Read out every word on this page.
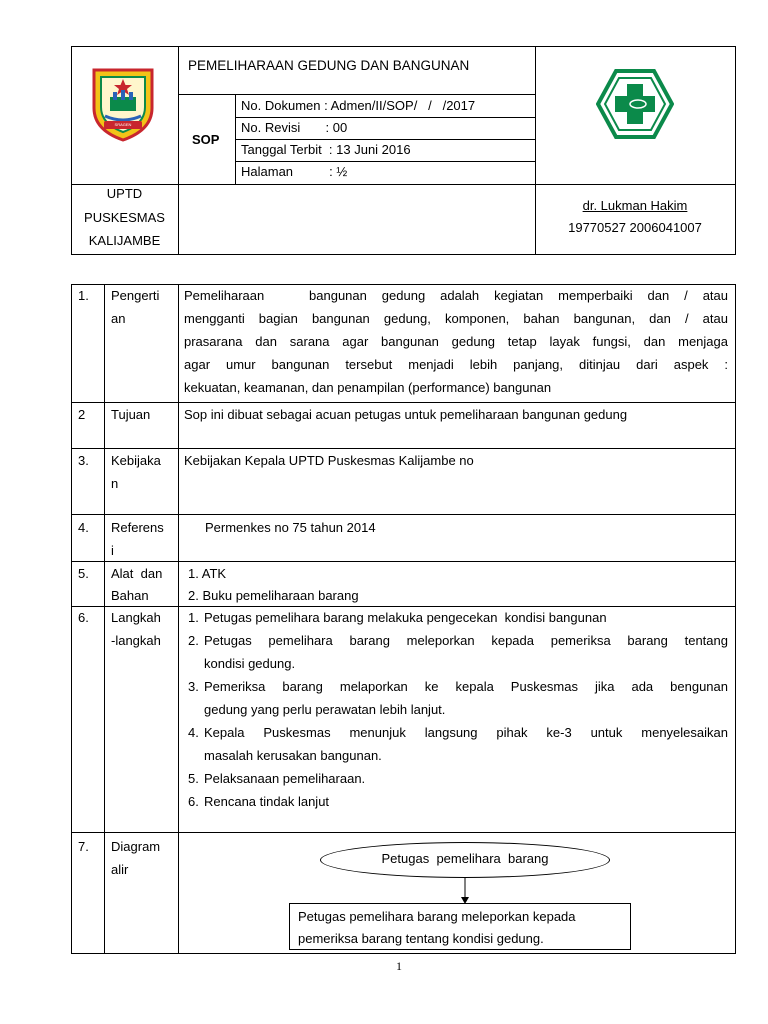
SRAGEN
PEMELIHARAAN GEDUNG DAN BANGUNAN
SOP
No. Dokumen : Admen/II/SOP/   /   /2017
No. Revisi       : 00
Tanggal Terbit  : 13 Juni 2016
Halaman          : ½
UPTD
PUSKESMAS
KALIJAMBE
dr. Lukman Hakim
19770527 2006041007
1. Pengerti
an
Pemeliharaan   bangunan gedung adalah kegiatan memperbaiki dan / atau
mengganti bagian bangunan gedung, komponen, bahan bangunan, dan / atau
prasarana dan sarana agar bangunan gedung tetap layak fungsi, dan menjaga
agar umur bangunan tersebut menjadi lebih panjang, ditinjau dari aspek :
kekuatan, keamanan, dan penampilan (performance) bangunan
2 Tujuan	Sop ini dibuat sebagai acuan petugas untuk pemeliharaan bangunan gedung
3. Kebijaka
n
Kebijakan Kepala UPTD Puskesmas Kalijambe no
4. Referens
i
Permenkes no 75 tahun 2014
5. Alat  dan
Bahan
1. ATK
2. Buku pemeliharaan barang
6. Langkah
-langkah
1. Petugas pemelihara barang melakuka pengecekan  kondisi bangunan
2. Petugas pemelihara barang meleporkan kepada pemeriksa barang tentang
kondisi gedung.
3. Pemeriksa barang melaporkan ke kepala Puskesmas jika ada bengunan
gedung yang perlu perawatan lebih lanjut.
4. Kepala Puskesmas menunjuk langsung pihak ke-3 untuk menyelesaikan
masalah kerusakan bangunan.
5. Pelaksanaan pemeliharaan.
6. Rencana tindak lanjut
7. Diagram
alir
Petugas  pemelihara  barang
Petugas pemelihara barang meleporkan kepada
pemeriksa barang tentang kondisi gedung.
1
